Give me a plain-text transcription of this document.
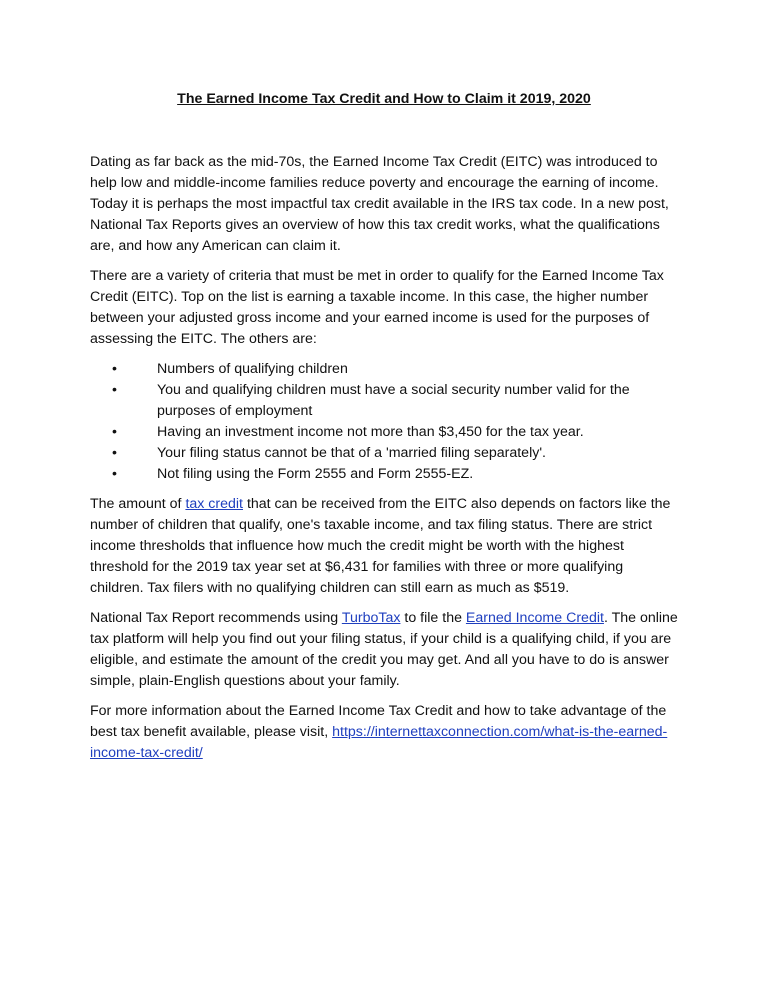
The Earned Income Tax Credit and How to Claim it 2019, 2020

Dating as far back as the mid-70s, the Earned Income Tax Credit (EITC) was introduced to help low and middle-income families reduce poverty and encourage the earning of income. Today it is perhaps the most impactful tax credit available in the IRS tax code. In a new post, National Tax Reports gives an overview of how this tax credit works, what the qualifications are, and how any American can claim it.

There are a variety of criteria that must be met in order to qualify for the Earned Income Tax Credit (EITC). Top on the list is earning a taxable income. In this case, the higher number between your adjusted gross income and your earned income is used for the purposes of assessing the EITC. The others are:

•	Numbers of qualifying children
•	You and qualifying children must have a social security number valid for the purposes of employment
•	Having an investment income not more than $3,450 for the tax year.
•	Your filing status cannot be that of a 'married filing separately'.
•	Not filing using the Form 2555 and Form 2555-EZ.

The amount of tax credit that can be received from the EITC also depends on factors like the number of children that qualify, one's taxable income, and tax filing status. There are strict income thresholds that influence how much the credit might be worth with the highest threshold for the 2019 tax year set at $6,431 for families with three or more qualifying children. Tax filers with no qualifying children can still earn as much as $519.

National Tax Report recommends using TurboTax to file the Earned Income Credit. The online tax platform will help you find out your filing status, if your child is a qualifying child, if you are eligible, and estimate the amount of the credit you may get. And all you have to do is answer simple, plain-English questions about your family.

For more information about the Earned Income Tax Credit and how to take advantage of the best tax benefit available, please visit, https://internettaxconnection.com/what-is-the-earned-income-tax-credit/
